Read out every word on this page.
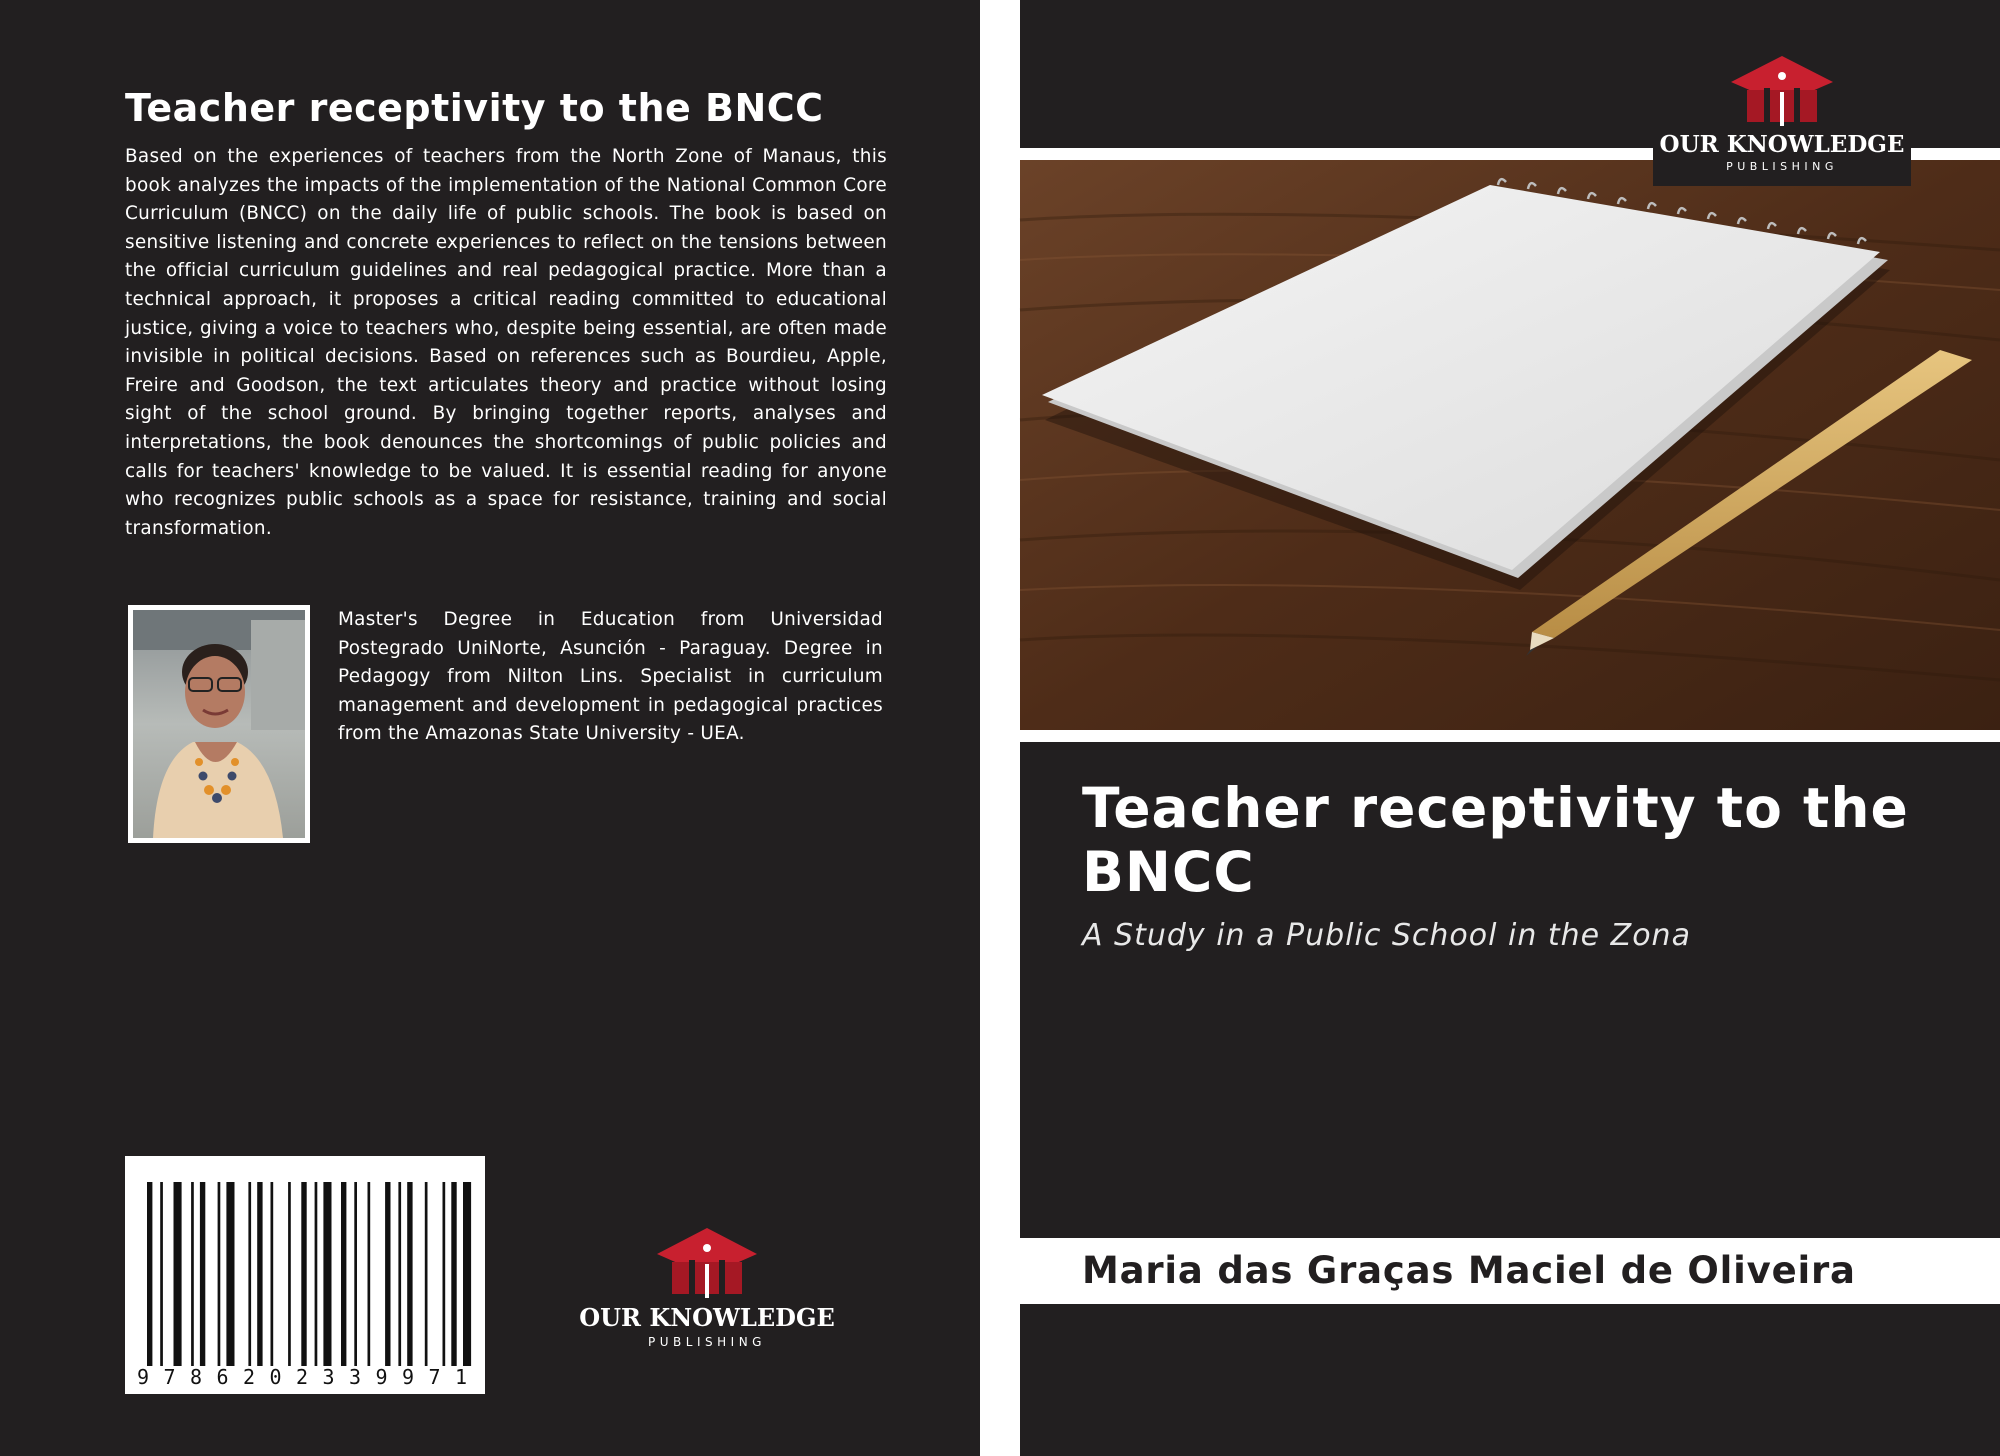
Teacher receptivity to the BNCC

Based on the experiences of teachers from the North Zone of Manaus, this book analyzes the impacts of the implementation of the National Common Core Curriculum (BNCC) on the daily life of public schools. The book is based on sensitive listening and concrete experiences to reflect on the tensions between the official curriculum guidelines and real pedagogical practice. More than a technical approach, it proposes a critical reading committed to educational justice, giving a voice to teachers who, despite being essential, are often made invisible in political decisions. Based on references such as Bourdieu, Apple, Freire and Goodson, the text articulates theory and practice without losing sight of the school ground. By bringing together reports, analyses and interpretations, the book denounces the shortcomings of public policies and calls for teachers' knowledge to be valued. It is essential reading for anyone who recognizes public schools as a space for resistance, training and social transformation.

Master's Degree in Education from Universidad Postegrado UniNorte, Asunción - Paraguay. Degree in Pedagogy from Nilton Lins. Specialist in curriculum management and development in pedagogical practices from the Amazonas State University - UEA.

9 7 8 6 2 0 2 3 3 9 9 7 1
OUR KNOWLEDGE
PUBLISHING
OUR KNOWLEDGE
PUBLISHING
Teacher receptivity to the BNCC
A Study in a Public School in the Zona

Maria das Graças Maciel de Oliveira
